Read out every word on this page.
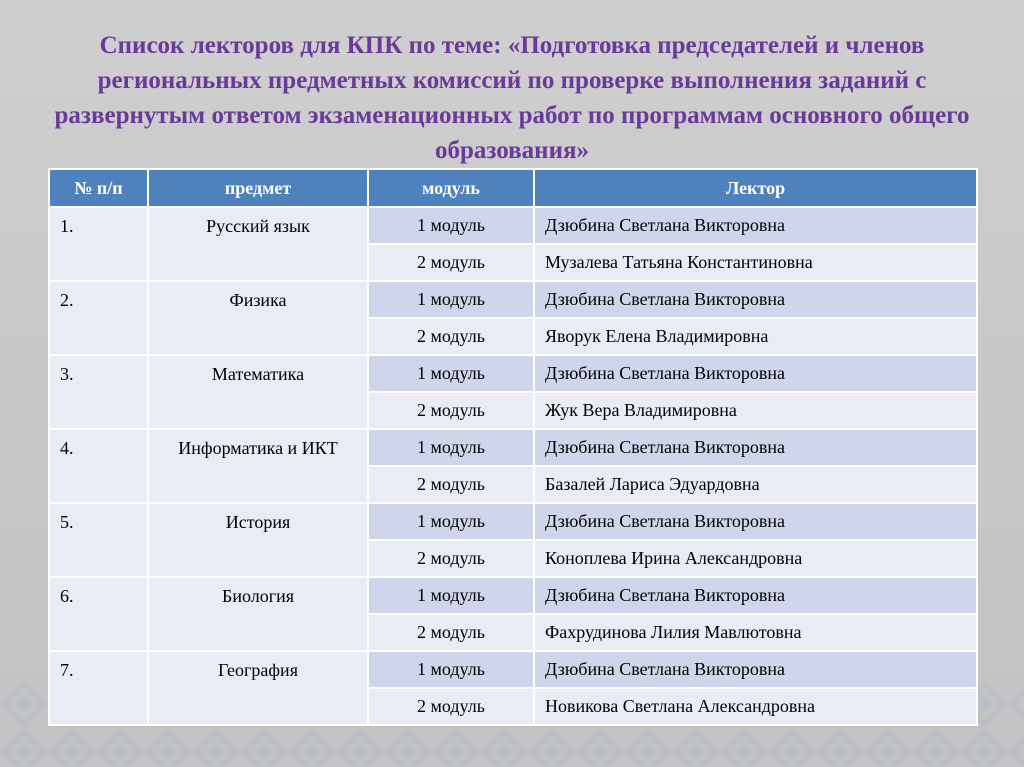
Список лекторов для КПК по теме: «Подготовка председателей и членов региональных предметных комиссий по проверке выполнения заданий с развернутым ответом экзаменационных работ по программам основного общего образования»
№ п/п	предмет	модуль	Лектор
1.	Русский язык	1 модуль	Дзюбина Светлана Викторовна
		2 модуль	Музалева Татьяна Константиновна
2.	Физика	1 модуль	Дзюбина Светлана Викторовна
		2 модуль	Яворук Елена Владимировна
3.	Математика	1 модуль	Дзюбина Светлана Викторовна
		2 модуль	Жук Вера Владимировна
4.	Информатика и ИКТ	1 модуль	Дзюбина Светлана Викторовна
		2 модуль	Базалей Лариса Эдуардовна
5.	История	1 модуль	Дзюбина Светлана Викторовна
		2 модуль	Коноплева Ирина Александровна
6.	Биология	1 модуль	Дзюбина Светлана Викторовна
		2 модуль	Фахрудинова Лилия Мавлютовна
7.	География	1 модуль	Дзюбина Светлана Викторовна
		2 модуль	Новикова Светлана Александровна
